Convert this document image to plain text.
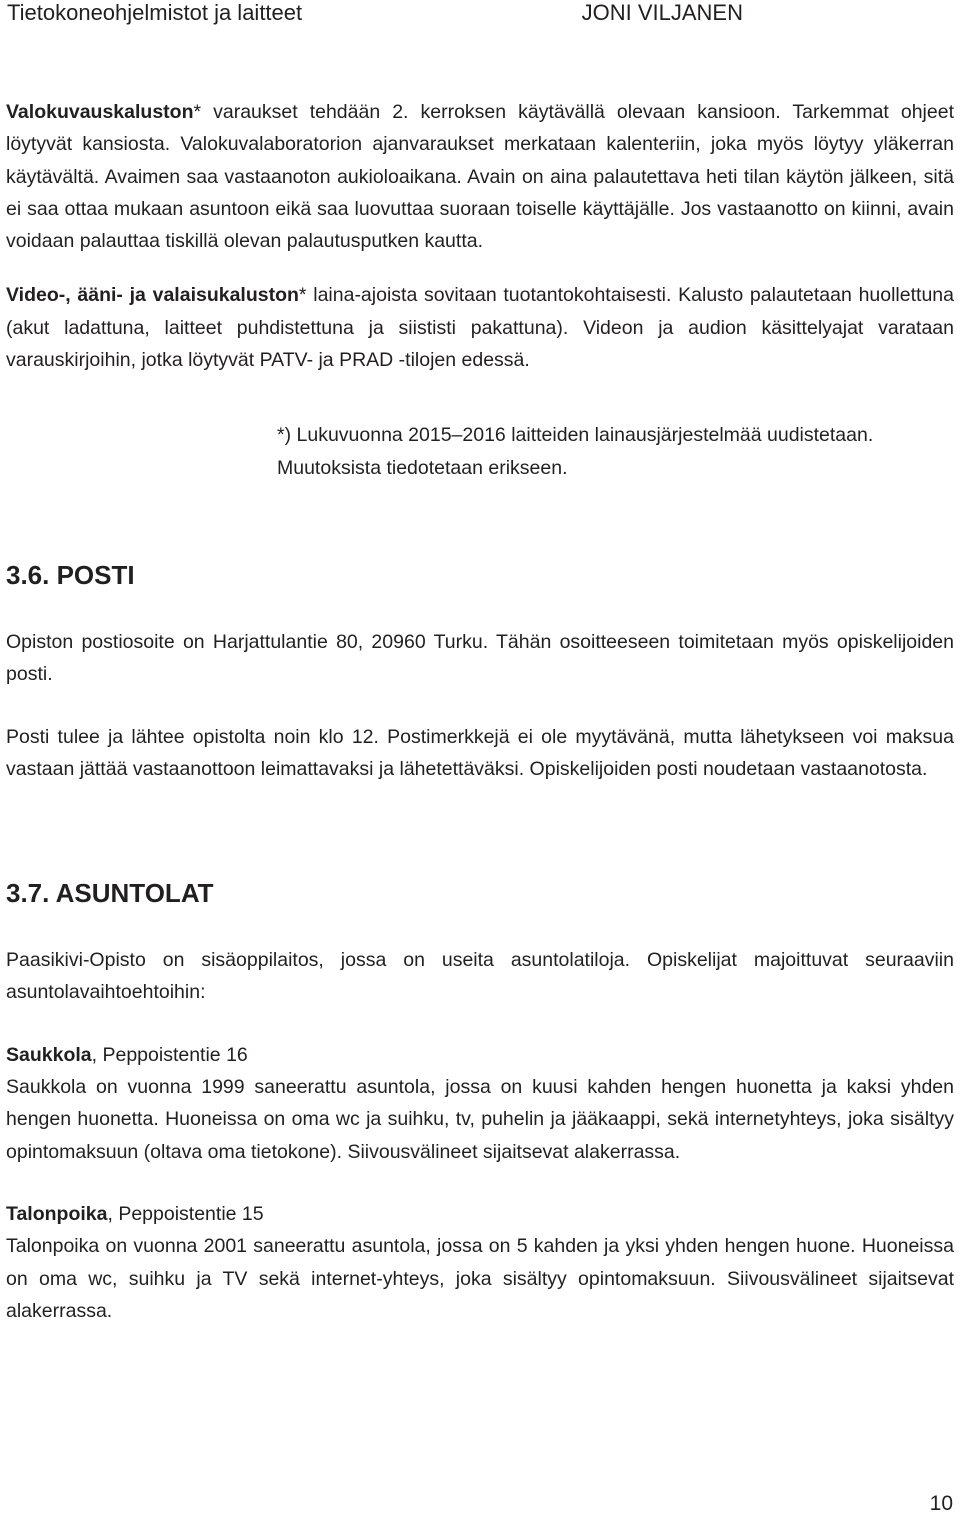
Tietokoneohjelmistot ja laitteet	JONI VILJANEN

Valokuvauskaluston* varaukset tehdään 2. kerroksen käytävällä olevaan kansioon. Tarkemmat ohjeet löytyvät kansiosta. Valokuvalaboratorion ajanvaraukset merkataan kalenteriin, joka myös löytyy yläkerran käytävältä. Avaimen saa vastaanoton aukioloaikana. Avain on aina palautettava heti tilan käytön jälkeen, sitä ei saa ottaa mukaan asuntoon eikä saa luovuttaa suoraan toiselle käyttäjälle. Jos vastaanotto on kiinni, avain voidaan palauttaa tiskillä olevan palautusputken kautta.

Video-, ääni- ja valaisukaluston* laina-ajoista sovitaan tuotantokohtaisesti. Kalusto palautetaan huollettuna (akut ladattuna, laitteet puhdistettuna ja siististi pakattuna). Videon ja audion käsittelyajat varataan varauskirjoihin, jotka löytyvät PATV- ja PRAD -tilojen edessä.

*) Lukuvuonna 2015–2016 laitteiden lainausjärjestelmää uudistetaan. Muutoksista tiedotetaan erikseen.

3.6. POSTI

Opiston postiosoite on Harjattulantie 80, 20960 Turku. Tähän osoitteeseen toimitetaan myös opiskelijoiden posti.

Posti tulee ja lähtee opistolta noin klo 12. Postimerkkejä ei ole myytävänä, mutta lähetykseen voi maksua vastaan jättää vastaanottoon leimattavaksi ja lähetettäväksi. Opiskelijoiden posti noudetaan vastaanotosta.

3.7. ASUNTOLAT

Paasikivi-Opisto on sisäoppilaitos, jossa on useita asuntolatiloja. Opiskelijat majoittuvat seuraaviin asuntolavaihtoehtoihin:

Saukkola, Peppoistentie 16

Saukkola on vuonna 1999 saneerattu asuntola, jossa on kuusi kahden hengen huonetta ja kaksi yhden hengen huonetta. Huoneissa on oma wc ja suihku, tv, puhelin ja jääkaappi, sekä internetyhteys, joka sisältyy opintomaksuun (oltava oma tietokone). Siivousvälineet sijaitsevat alakerrassa.

Talonpoika, Peppoistentie 15

Talonpoika on vuonna 2001 saneerattu asuntola, jossa on 5 kahden ja yksi yhden hengen huone. Huoneissa on oma wc, suihku ja TV sekä internet-yhteys, joka sisältyy opintomaksuun. Siivousvälineet sijaitsevat alakerrassa.

10
